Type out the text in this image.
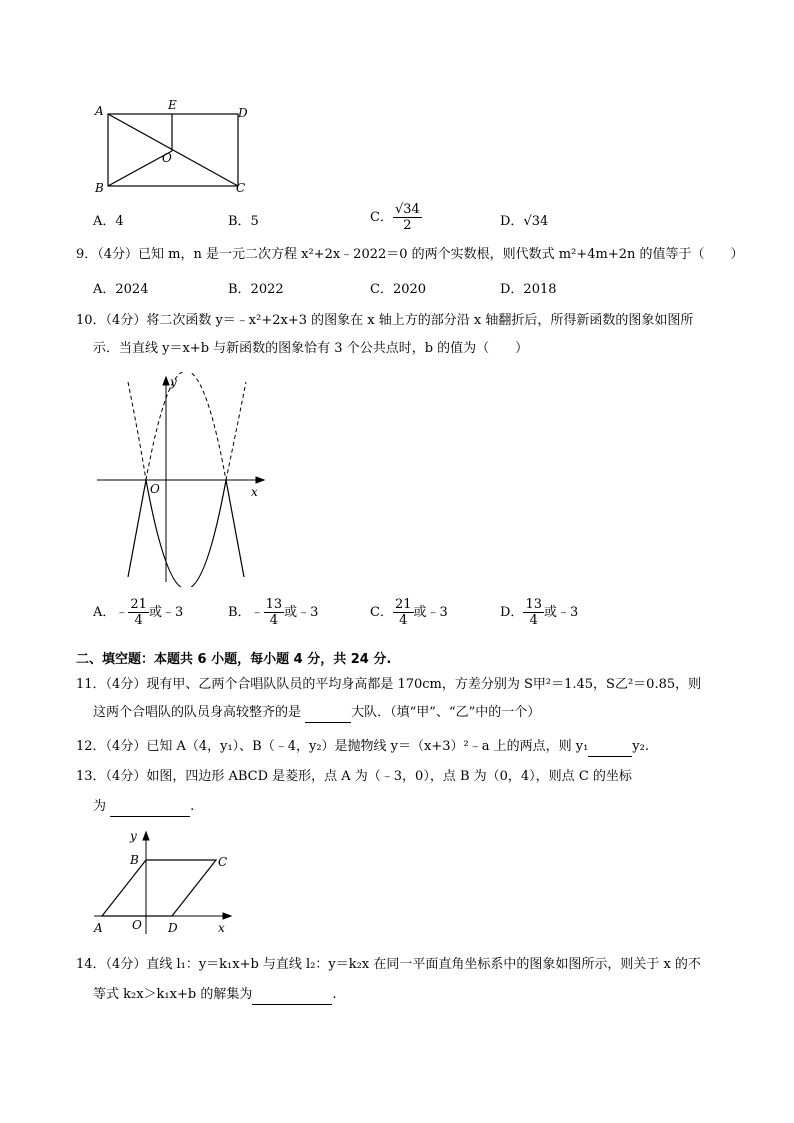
A	E
D
O
B	C
A．4	B．5	C． $\frac{√34}{2}$	D．√34
9．（4分）已知 m，n 是一元二次方程 x²+2x﹣2022＝0 的两个实数根，则代数式 m²+4m+2n 的值等于（　　）
A．2024	B．2022	C．2020	D．2018
10．（4分）将二次函数 y＝﹣x²+2x+3 的图象在 x 轴上方的部分沿 x 轴翻折后，所得新函数的图象如图所
示．当直线 y＝x+b 与新函数的图象恰有 3 个公共点时，b 的值为（　　）
y
x
O
A．﹣ $\frac{21}{4}$ 或﹣3	B．﹣ $\frac{13}{4}$ 或﹣3	C． $\frac{21}{4}$ 或﹣3	D． $\frac{13}{4}$ 或﹣3
二、填空题：本题共 6 小题，每小题 4 分，共 24 分.
11．（4分）现有甲、乙两个合唱队队员的平均身高都是 170cm，方差分别为 S甲²＝1.45，S乙²＝0.85，则
这两个合唱队的队员身高较整齐的是	大队．（填“甲”、“乙”中的一个）
12．（4分）已知 A（4，y₁）、B（﹣4，y₂）是抛物线 y＝（x+3）²﹣a 上的两点，则 y₁	y₂.
13．（4分）如图，四边形 ABCD 是菱形，点 A 为（﹣3，0），点 B 为（0，4），则点 C 的坐标
为	.
y
B	C
O
A	D	x
14．（4分）直线 l₁：y＝k₁x+b 与直线 l₂：y＝k₂x 在同一平面直角坐标系中的图象如图所示，则关于 x 的不
等式 k₂x＞k₁x+b 的解集为	.
